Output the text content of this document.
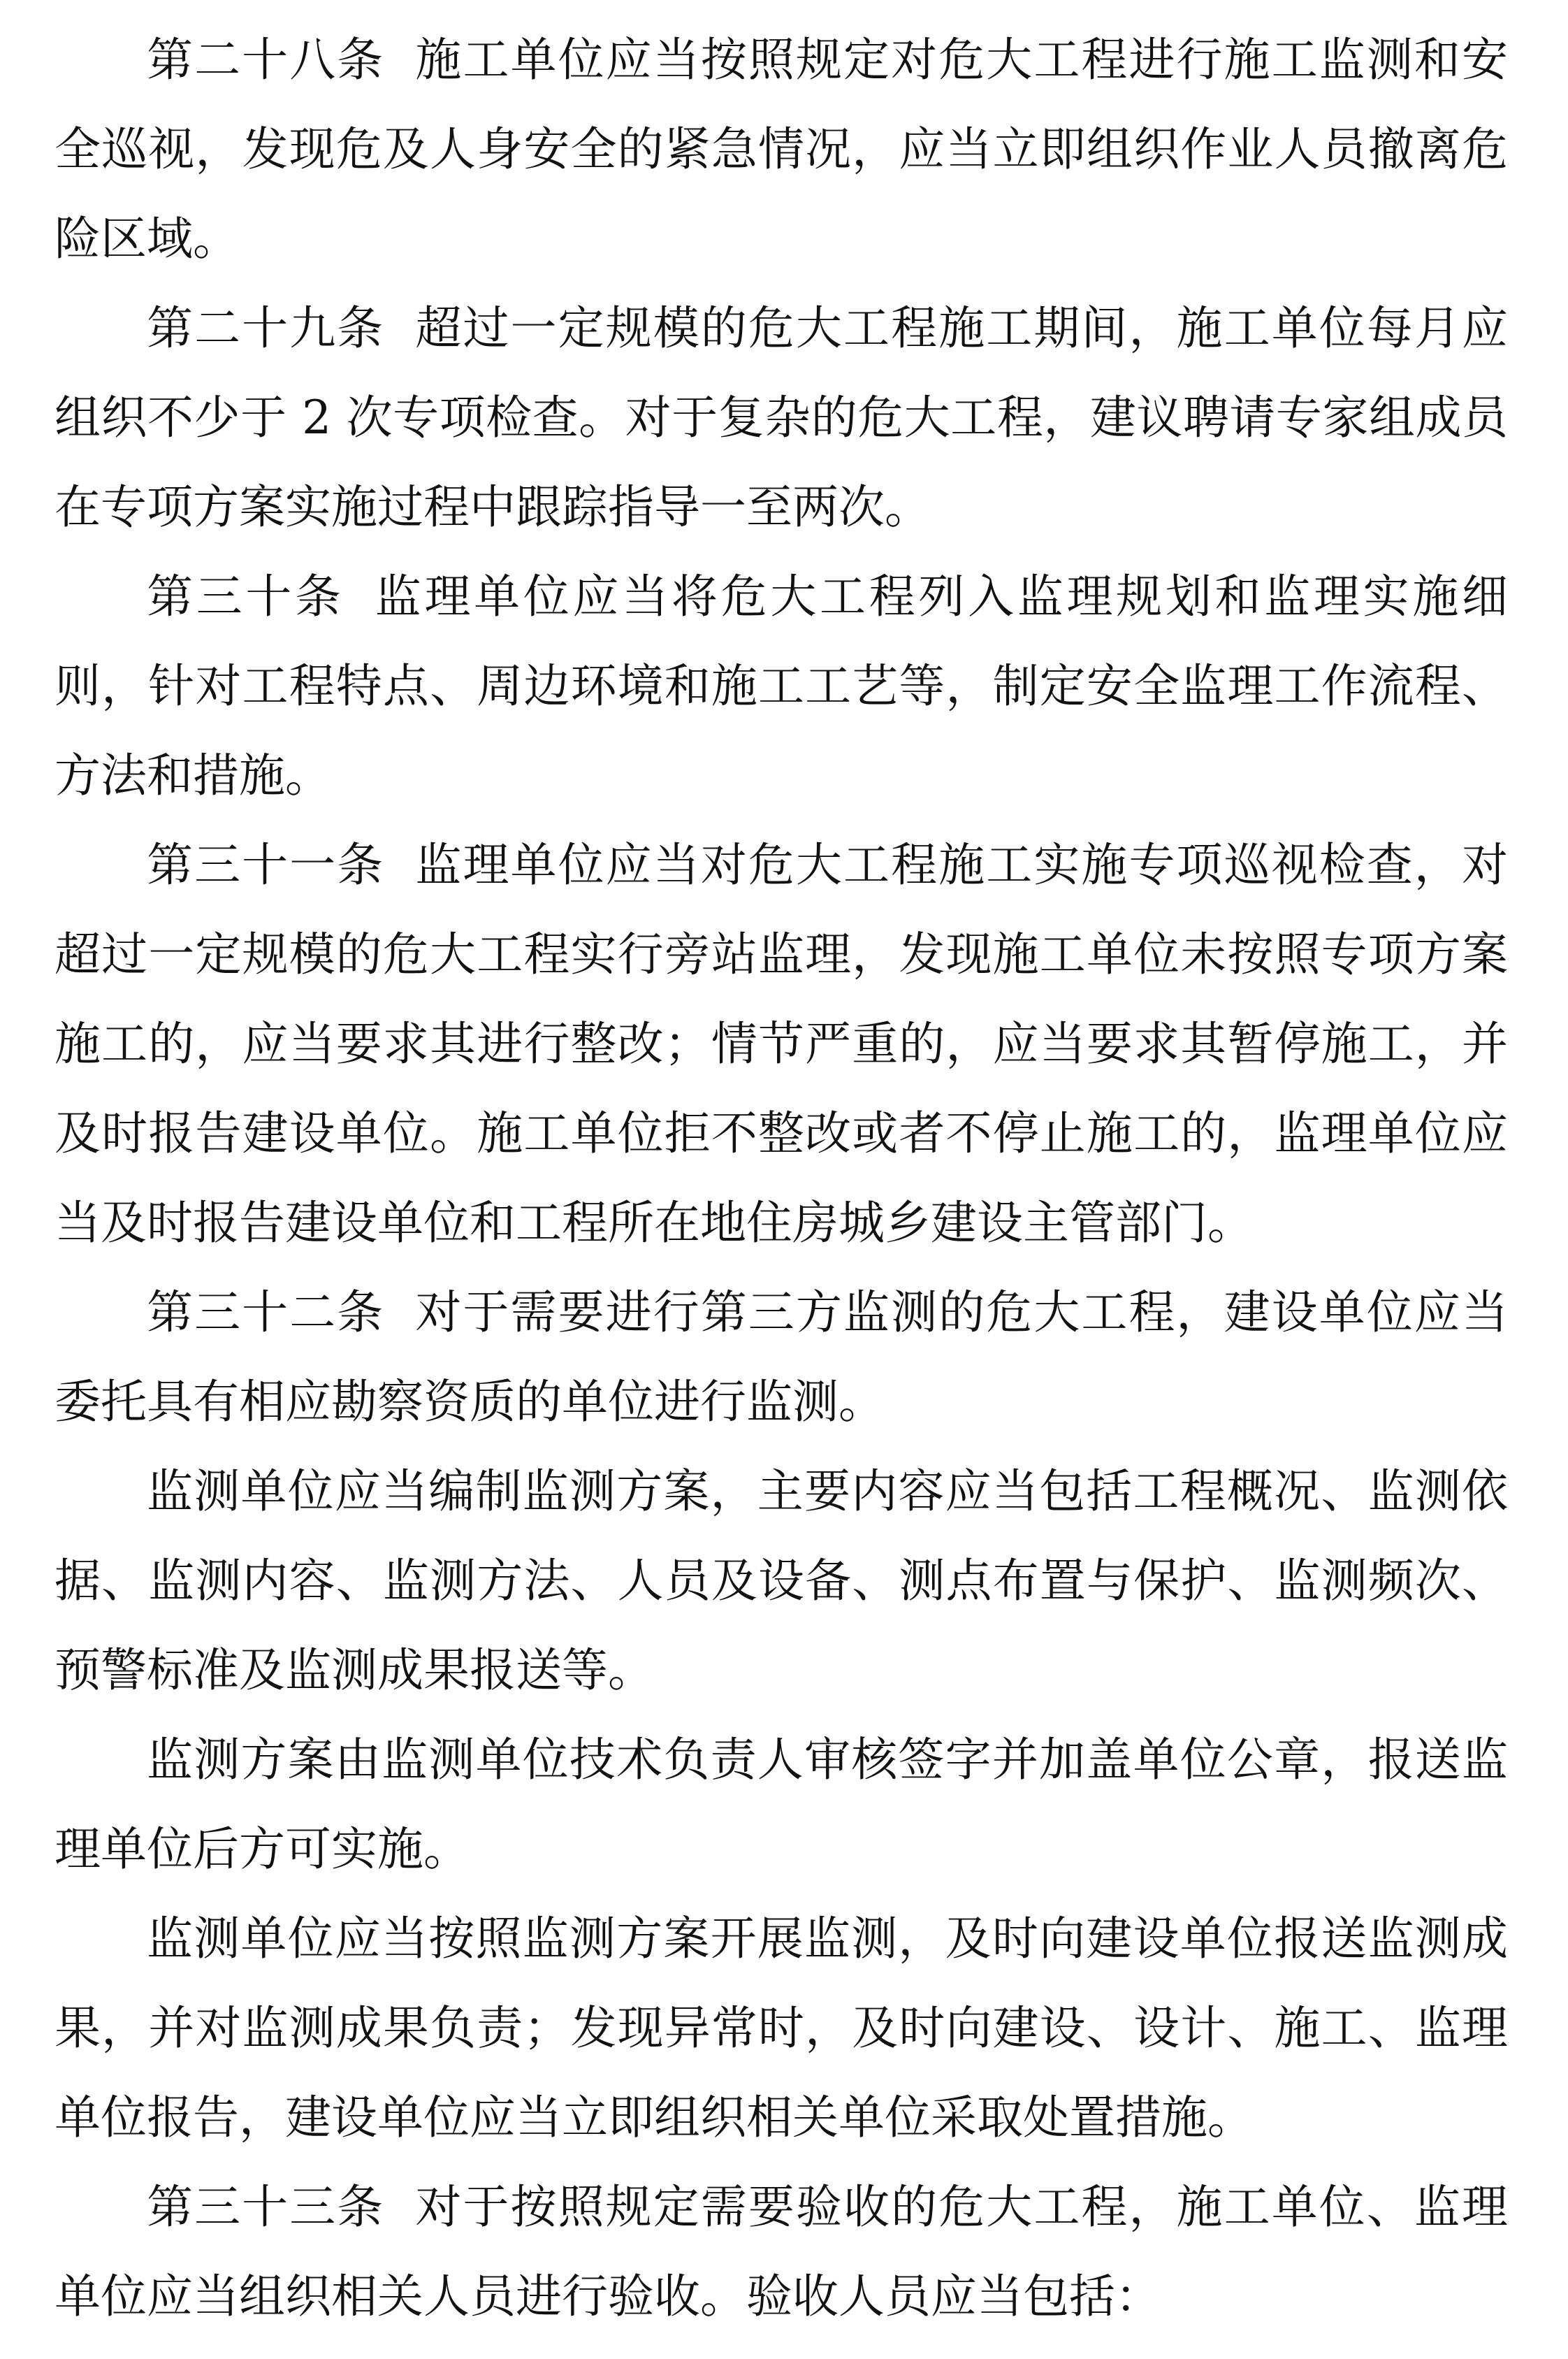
第二十八条 施工单位应当按照规定对危大工程进行施工监测和安全巡视，发现危及人身安全的紧急情况，应当立即组织作业人员撤离危险区域。

第二十九条 超过一定规模的危大工程施工期间，施工单位每月应组织不少于 2 次专项检查。对于复杂的危大工程，建议聘请专家组成员在专项方案实施过程中跟踪指导一至两次。

第三十条 监理单位应当将危大工程列入监理规划和监理实施细则，针对工程特点、周边环境和施工工艺等，制定安全监理工作流程、方法和措施。

第三十一条 监理单位应当对危大工程施工实施专项巡视检查，对超过一定规模的危大工程实行旁站监理，发现施工单位未按照专项方案施工的，应当要求其进行整改；情节严重的，应当要求其暂停施工，并及时报告建设单位。施工单位拒不整改或者不停止施工的，监理单位应当及时报告建设单位和工程所在地住房城乡建设主管部门。

第三十二条 对于需要进行第三方监测的危大工程，建设单位应当委托具有相应勘察资质的单位进行监测。

监测单位应当编制监测方案，主要内容应当包括工程概况、监测依据、监测内容、监测方法、人员及设备、测点布置与保护、监测频次、预警标准及监测成果报送等。

监测方案由监测单位技术负责人审核签字并加盖单位公章，报送监理单位后方可实施。

监测单位应当按照监测方案开展监测，及时向建设单位报送监测成果，并对监测成果负责；发现异常时，及时向建设、设计、施工、监理单位报告，建设单位应当立即组织相关单位采取处置措施。

第三十三条 对于按照规定需要验收的危大工程，施工单位、监理单位应当组织相关人员进行验收。验收人员应当包括：
